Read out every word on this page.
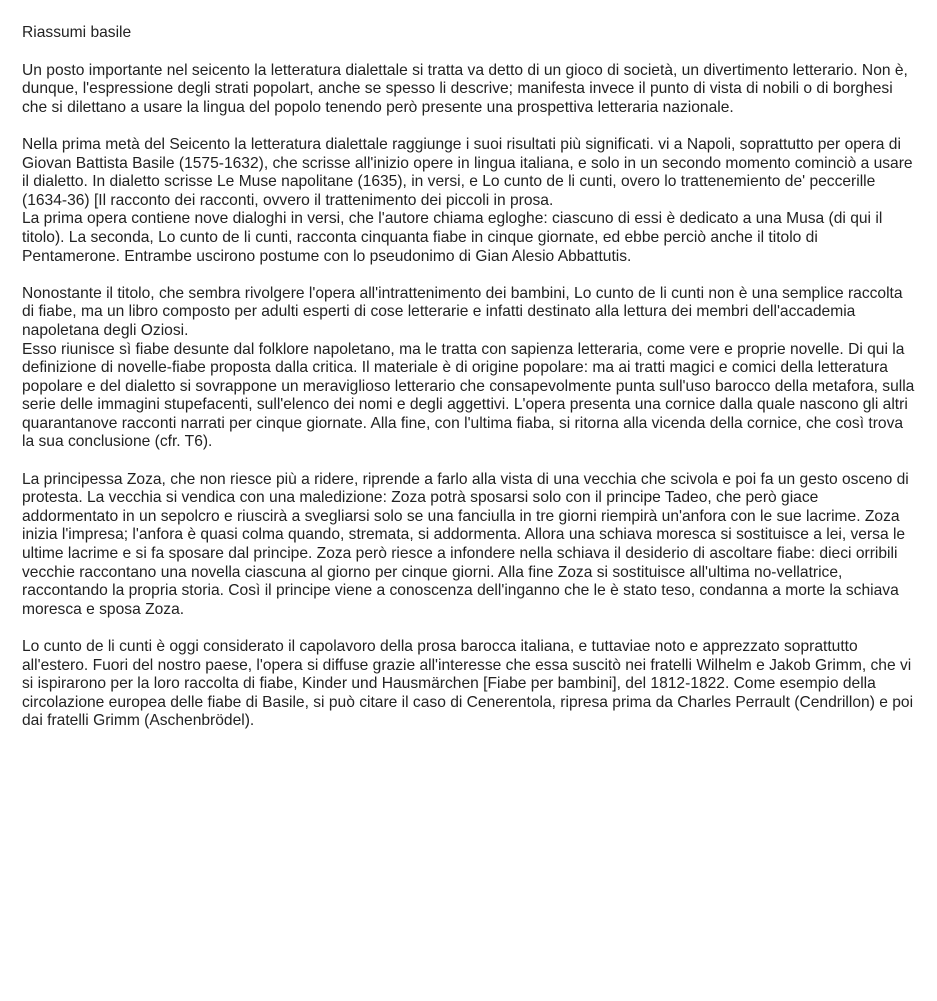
Riassumi basile

Un posto importante nel seicento la letteratura dialettale si tratta va detto di un gioco di società, un divertimento letterario. Non è, dunque, l'espressione degli strati popolart, anche se spesso li descrive; manifesta invece il punto di vista di nobili o di borghesi che si dilettano a usare la lingua del popolo tenendo però presente una prospettiva letteraria nazionale.

Nella prima metà del Seicento la letteratura dialettale raggiunge i suoi risultati più significati. vi a Napoli, soprattutto per opera di Giovan Battista Basile (1575-1632), che scrisse all'inizio opere in lingua italiana, e solo in un secondo momento cominciò a usare il dialetto. In dialetto scrisse Le Muse napolitane (1635), in versi, e Lo cunto de li cunti, overo lo trattenemiento de' peccerille (1634-36) [Il racconto dei racconti, ovvero il trattenimento dei piccoli in prosa.

La prima opera contiene nove dialoghi in versi, che l'autore chiama egloghe: ciascuno di essi è dedicato a una Musa (di qui il titolo). La seconda, Lo cunto de li cunti, racconta cinquanta fiabe in cinque giornate, ed ebbe perciò anche il titolo di Pentamerone. Entrambe uscirono postume con lo pseudonimo di Gian Alesio Abbattutis.

Nonostante il titolo, che sembra rivolgere l'opera all'intrattenimento dei bambini, Lo cunto de li cunti non è una semplice raccolta di fiabe, ma un libro composto per adulti esperti di cose letterarie e infatti destinato alla lettura dei membri dell'accademia napoletana degli Oziosi.

Esso riunisce sì fiabe desunte dal folklore napoletano, ma le tratta con sapienza letteraria, come vere e proprie novelle. Di qui la definizione di novelle-fiabe proposta dalla critica. Il materiale è di origine popolare: ma ai tratti magici e comici della letteratura popolare e del dialetto si sovrappone un meraviglioso letterario che consapevolmente punta sull'uso barocco della metafora, sulla serie delle immagini stupefacenti, sull'elenco dei nomi e degli aggettivi. L'opera presenta una cornice dalla quale nascono gli altri quarantanove racconti narrati per cinque giornate. Alla fine, con l'ultima fiaba, si ritorna alla vicenda della cornice, che così trova la sua conclusione (cfr. T6).

La principessa Zoza, che non riesce più a ridere, riprende a farlo alla vista di una vecchia che scivola e poi fa un gesto osceno di protesta. La vecchia si vendica con una maledizione: Zoza potrà sposarsi solo con il principe Tadeo, che però giace addormentato in un sepolcro e riuscirà a svegliarsi solo se una fanciulla in tre giorni riempirà un'anfora con le sue lacrime. Zoza inizia l'impresa; l'anfora è quasi colma quando, stremata, si addormenta. Allora una schiava moresca si sostituisce a lei, versa le ultime lacrime e si fa sposare dal principe. Zoza però riesce a infondere nella schiava il desiderio di ascoltare fiabe: dieci orribili vecchie raccontano una novella ciascuna al giorno per cinque giorni. Alla fine Zoza si sostituisce all'ultima no-vellatrice, raccontando la propria storia. Così il principe viene a conoscenza dell'inganno che le è stato teso, condanna a morte la schiava moresca e sposa Zoza.

Lo cunto de li cunti è oggi considerato il capolavoro della prosa barocca italiana, e tuttaviae noto e apprezzato soprattutto all'estero. Fuori del nostro paese, l'opera si diffuse grazie all'interesse che essa suscitò nei fratelli Wilhelm e Jakob Grimm, che vi si ispirarono per la loro raccolta di fiabe, Kinder und Hausmärchen [Fiabe per bambini], del 1812-1822. Come esempio della circolazione europea delle fiabe di Basile, si può citare il caso di Cenerentola, ripresa prima da Charles Perrault (Cendrillon) e poi dai fratelli Grimm (Aschenbrödel).
